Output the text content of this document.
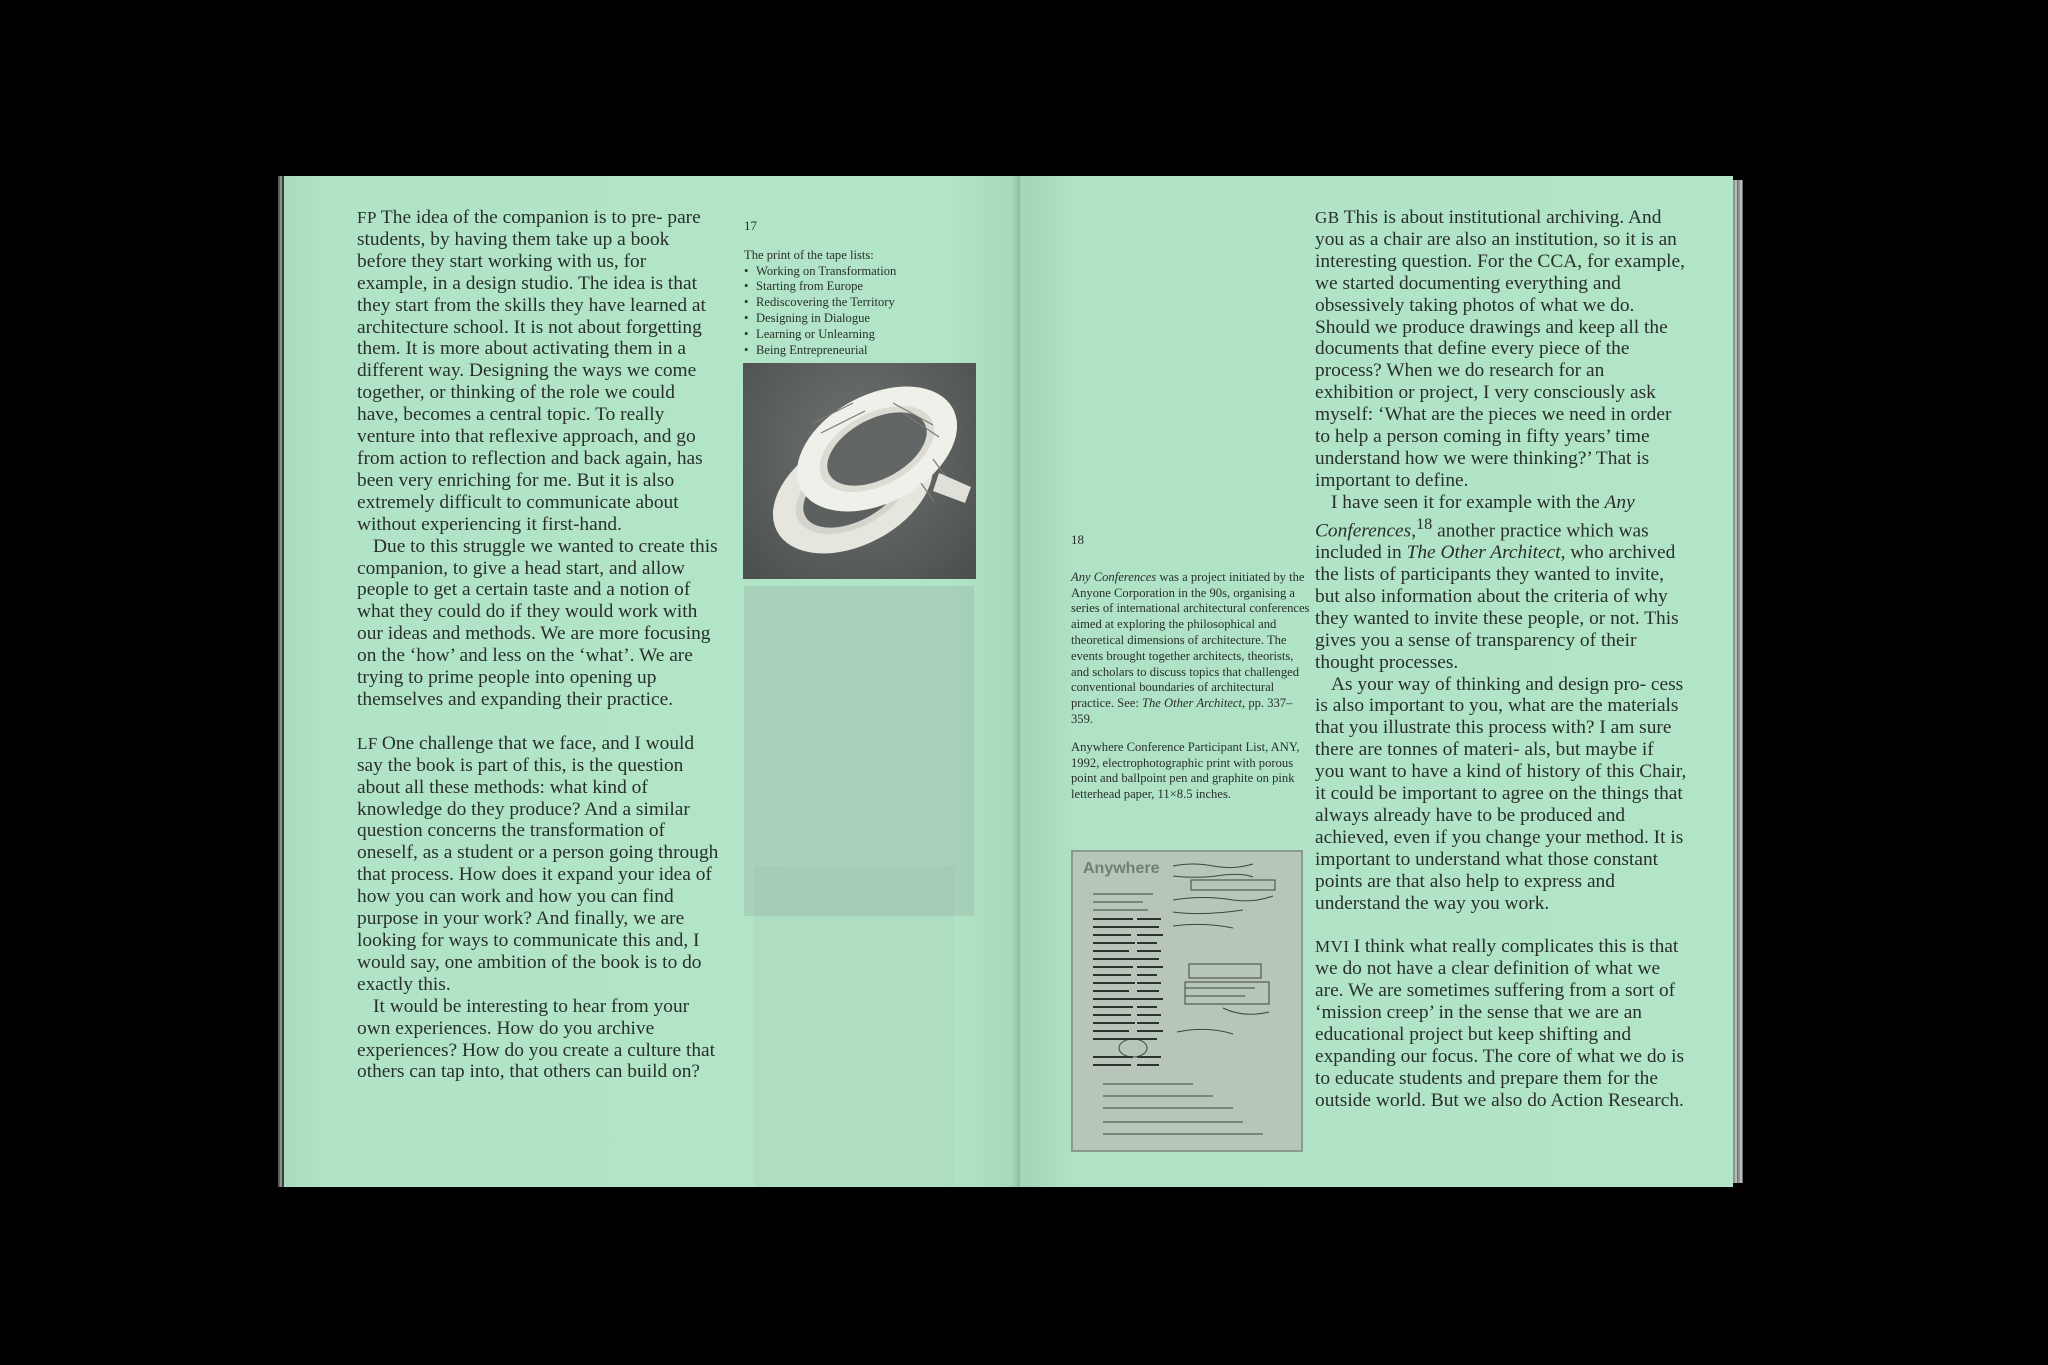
FP The idea of the companion is to pre- pare students, by having them take up a book before they start working with us, for example, in a design studio. The idea is that they start from the skills they have learned at architecture school. It is not about forgetting them. It is more about activating them in a different way. Designing the ways we come together, or thinking of the role we could have, becomes a central topic. To really venture into that reflexive approach, and go from action to reflection and back again, has been very enriching for me. But it is also extremely difficult to communicate about without experiencing it first-hand.

Due to this struggle we wanted to create this companion, to give a head start, and allow people to get a certain taste and a notion of what they could do if they would work with our ideas and methods. We are more focusing on the ‘how’ and less on the ‘what’. We are trying to prime people into opening up themselves and expanding their practice.

LF One challenge that we face, and I would say the book is part of this, is the question about all these methods: what kind of knowledge do they produce? And a similar question concerns the transformation of oneself, as a student or a person going through that process. How does it expand your idea of how you can work and how you can find purpose in your work? And finally, we are looking for ways to communicate this and, I would say, one ambition of the book is to do exactly this.

It would be interesting to hear from your own experiences. How do you archive experiences? How do you create a culture that others can tap into, that others can build on?

17

The print of the tape lists:

• Working on Transformation
• Starting from Europe
• Rediscovering the Territory
• Designing in Dialogue
• Learning or Unlearning
• Being Entrepreneurial

GB This is about institutional archiving. And you as a chair are also an institution, so it is an interesting question. For the CCA, for example, we started documenting everything and obsessively taking photos of what we do. Should we produce drawings and keep all the documents that define every piece of the process? When we do research for an exhibition or project, I very consciously ask myself: ‘What are the pieces we need in order to help a person coming in fifty years’ time understand how we were thinking?’ That is important to define.

I have seen it for example with the Any Conferences,$^{18}$ another practice which was included in The Other Architect, who archived the lists of participants they wanted to invite, but also information about the criteria of why they wanted to invite these people, or not. This gives you a sense of transparency of their thought processes.

As your way of thinking and design pro- cess is also important to you, what are the materials that you illustrate this process with? I am sure there are tonnes of materi- als, but maybe if you want to have a kind of history of this Chair, it could be important to agree on the things that always already have to be produced and achieved, even if you change your method. It is important to understand what those constant points are that also help to express and understand the way you work.

MVI I think what really complicates this is that we do not have a clear definition of what we are. We are sometimes suffering from a sort of ‘mission creep’ in the sense that we are an educational project but keep shifting and expanding our focus. The core of what we do is to educate students and prepare them for the outside world. But we also do Action Research.

18

Any Conferences was a project initiated by the Anyone Corporation in the 90s, organising a series of international architectural conferences aimed at exploring the philosophical and theoretical dimensions of architecture. The events brought together architects, theorists, and scholars to discuss topics that challenged conventional boundaries of architectural practice. See: The Other Architect, pp. 337–359.

Anywhere Conference Participant List, ANY, 1992, electrophotographic print with porous point and ballpoint pen and graphite on pink letterhead paper, 11×8.5 inches.

Anywhere
